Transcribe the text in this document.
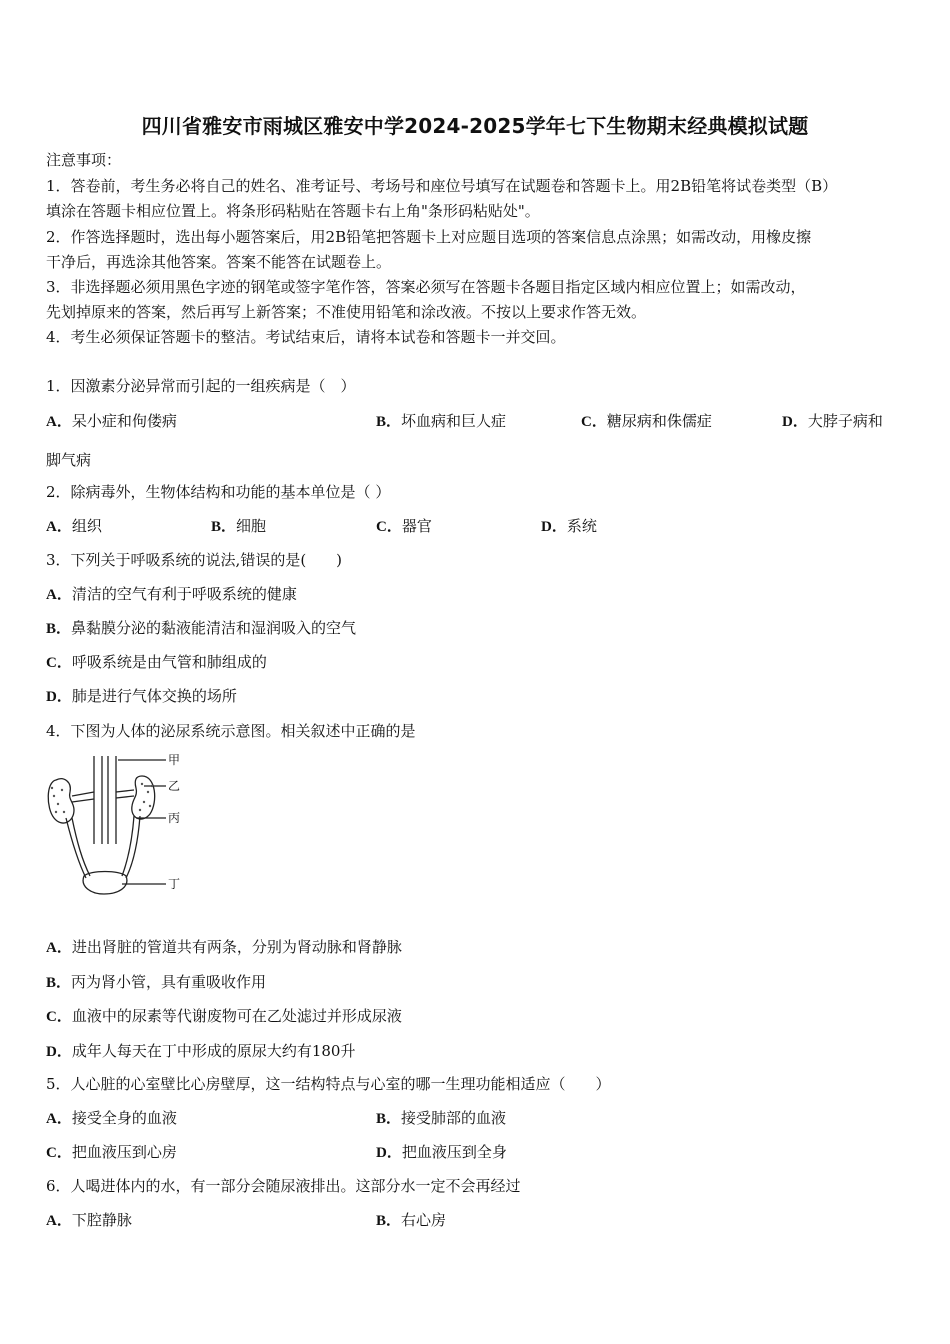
四川省雅安市雨城区雅安中学2024-2025学年七下生物期末经典模拟试题
注意事项：
1．答卷前，考生务必将自己的姓名、准考证号、考场号和座位号填写在试题卷和答题卡上。用2B铅笔将试卷类型（B）
填涂在答题卡相应位置上。将条形码粘贴在答题卡右上角"条形码粘贴处"。
2．作答选择题时，选出每小题答案后，用2B铅笔把答题卡上对应题目选项的答案信息点涂黑；如需改动，用橡皮擦
干净后，再选涂其他答案。答案不能答在试题卷上。
3．非选择题必须用黑色字迹的钢笔或签字笔作答，答案必须写在答题卡各题目指定区域内相应位置上；如需改动，
先划掉原来的答案，然后再写上新答案；不准使用铅笔和涂改液。不按以上要求作答无效。
4．考生必须保证答题卡的整洁。考试结束后，请将本试卷和答题卡一并交回。
1．因激素分泌异常而引起的一组疾病是（　）
A．呆小症和佝偻病	B．坏血病和巨人症	C．糖尿病和侏儒症	D．大脖子病和
脚气病
2．除病毒外，生物体结构和功能的基本单位是（ ）
A．组织	B．细胞	C．器官	D．系统
3．下列关于呼吸系统的说法,错误的是(　　)
A．清洁的空气有利于呼吸系统的健康
B．鼻黏膜分泌的黏液能清洁和湿润吸入的空气
C．呼吸系统是由气管和肺组成的
D．肺是进行气体交换的场所
4．下图为人体的泌尿系统示意图。相关叙述中正确的是
甲
乙
丙
丁
A．进出肾脏的管道共有两条，分别为肾动脉和肾静脉
B．丙为肾小管，具有重吸收作用
C．血液中的尿素等代谢废物可在乙处滤过并形成尿液
D．成年人每天在丁中形成的原尿大约有180升
5．人心脏的心室壁比心房壁厚，这一结构特点与心室的哪一生理功能相适应（　　）
A．接受全身的血液	B．接受肺部的血液
C．把血液压到心房	D．把血液压到全身
6．人喝进体内的水，有一部分会随尿液排出。这部分水一定不会再经过
A．下腔静脉	B．右心房
